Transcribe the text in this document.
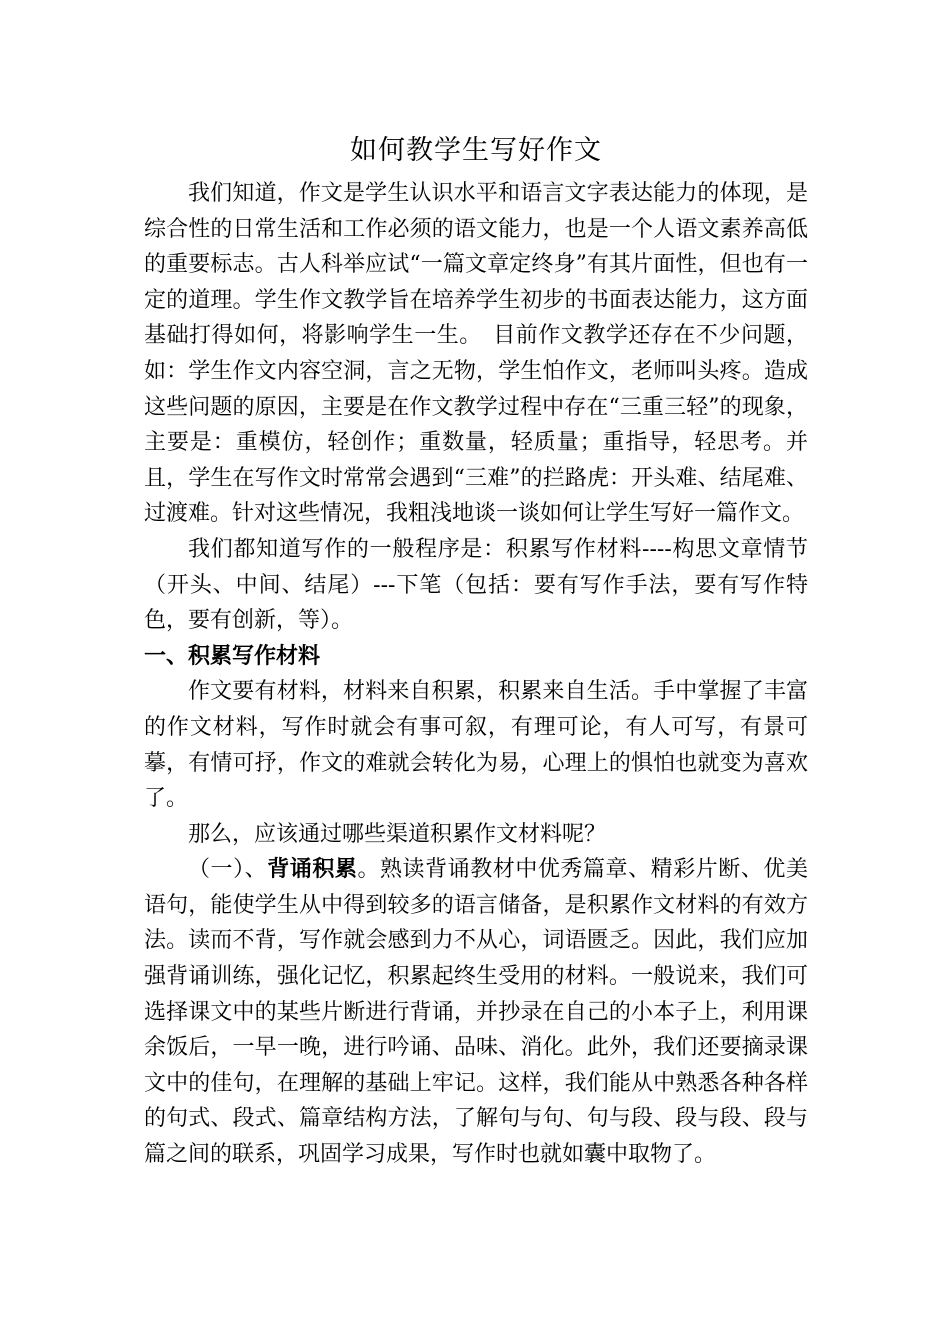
如何教学生写好作文

我们知道，作文是学生认识水平和语言文字表达能力的体现，是综合性的日常生活和工作必须的语文能力，也是一个人语文素养高低的重要标志。古人科举应试“一篇文章定终身”有其片面性，但也有一定的道理。学生作文教学旨在培养学生初步的书面表达能力，这方面基础打得如何，将影响学生一生。　目前作文教学还存在不少问题，如：学生作文内容空洞，言之无物，学生怕作文，老师叫头疼。造成这些问题的原因，主要是在作文教学过程中存在“三重三轻”的现象，主要是：重模仿，轻创作；重数量，轻质量；重指导，轻思考。并且，学生在写作文时常常会遇到“三难”的拦路虎：开头难、结尾难、过渡难。针对这些情况，我粗浅地谈一谈如何让学生写好一篇作文。

我们都知道写作的一般程序是：积累写作材料----构思文章情节（开头、中间、结尾）---下笔（包括：要有写作手法，要有写作特色，要有创新，等）。

一、积累写作材料

作文要有材料，材料来自积累，积累来自生活。手中掌握了丰富的作文材料，写作时就会有事可叙，有理可论，有人可写，有景可摹，有情可抒，作文的难就会转化为易，心理上的惧怕也就变为喜欢了。

那么，应该通过哪些渠道积累作文材料呢？

（一）、背诵积累。熟读背诵教材中优秀篇章、精彩片断、优美语句，能使学生从中得到较多的语言储备，是积累作文材料的有效方法。读而不背，写作就会感到力不从心，词语匮乏。因此，我们应加强背诵训练，强化记忆，积累起终生受用的材料。一般说来，我们可选择课文中的某些片断进行背诵，并抄录在自己的小本子上，利用课余饭后，一早一晚，进行吟诵、品味、消化。此外，我们还要摘录课文中的佳句，在理解的基础上牢记。这样，我们能从中熟悉各种各样的句式、段式、篇章结构方法，了解句与句、句与段、段与段、段与篇之间的联系，巩固学习成果，写作时也就如囊中取物了。
